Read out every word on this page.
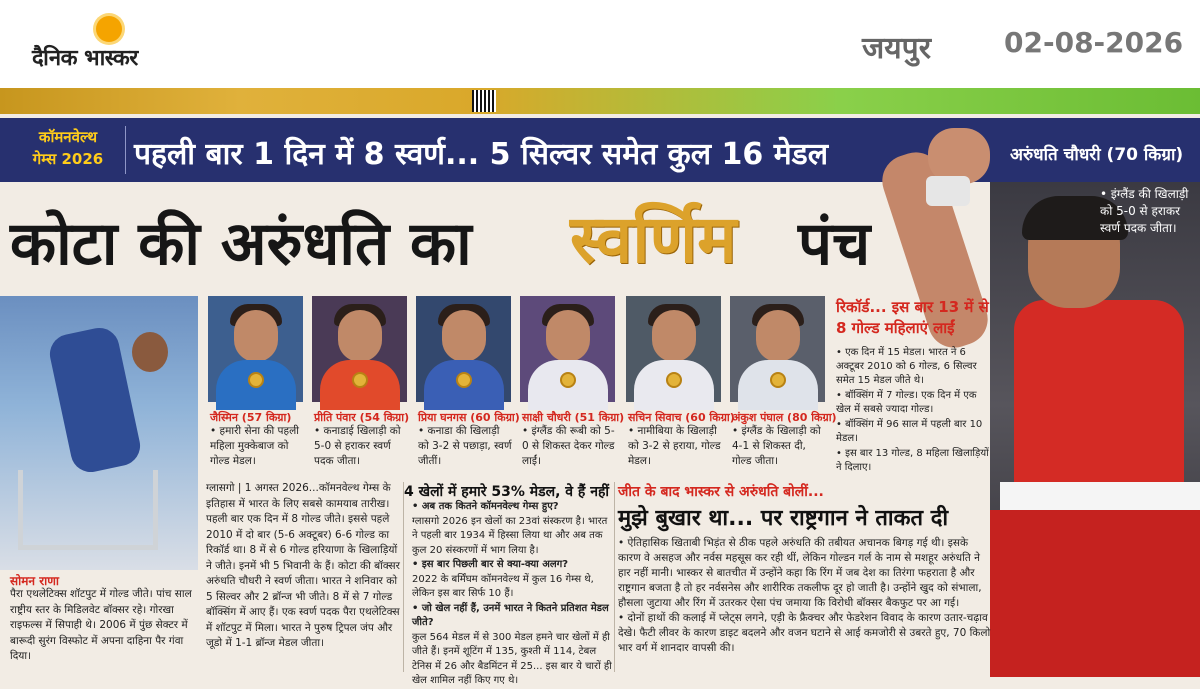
दैनिक भास्कर	जयपुर	02-08-2026
कॉमनवेल्थ
गेम्स 2026	पहली बार 1 दिन में 8 स्वर्ण... 5 सिल्वर समेत कुल 16 मेडल
• इंग्लैंड की खिलाड़ी को 5-0 से हराकर स्वर्ण पदक जीता।
अरुंधति चौधरी (70 किग्रा)
कोटा की अरुंधति का स्वर्णिम पंच
सोमन राणा
पैरा एथलेटिक्स शॉटपुट में गोल्ड जीते। पांच साल राष्ट्रीय स्तर के मिडिलवेट बॉक्सर रहे। गोरखा राइफल्स में सिपाही थे। 2006 में पुंछ सेक्टर में बारूदी सुरंग विस्फोट में अपना दाहिना पैर गंवा दिया।
जैस्मिन (57 किग्रा)
• हमारी सेना की पहली महिला मुक्केबाज को गोल्ड मेडल।
प्रीति पंवार (54 किग्रा)
• कनाडाई खिलाड़ी को 5-0 से हराकर स्वर्ण पदक जीता।
प्रिया घनगस (60 किग्रा)
• कनाडा की खिलाड़ी को 3-2 से पछाड़ा, स्वर्ण जीतीं।
साक्षी चौधरी (51 किग्रा)
• इंग्लैंड की रूबी को 5-0 से शिकस्त देकर गोल्ड लाईं।
सचिन सिवाच (60 किग्रा)
• नामीबिया के खिलाड़ी को 3-2 से हराया, गोल्ड मेडल।
अंकुश पंघाल (80 किग्रा)
• इंग्लैंड के खिलाड़ी को 4-1 से शिकस्त दी, गोल्ड जीता।
रिकॉर्ड... इस बार 13 में से 8 गोल्ड महिलाएं लाईं
• एक दिन में 15 मेडल। भारत ने 6 अक्टूबर 2010 को 6 गोल्ड, 6 सिल्वर समेत 15 मेडल जीते थे।
• बॉक्सिंग में 7 गोल्ड। एक दिन में एक खेल में सबसे ज्यादा गोल्ड।
• बॉक्सिंग में 96 साल में पहली बार 10 मेडल।
• इस बार 13 गोल्ड, 8 महिला खिलाड़ियों ने दिलाए।
ग्लासगो | 1 अगस्त 2026...कॉमनवेल्थ गेम्स के इतिहास में भारत के लिए सबसे कामयाब तारीख। पहली बार एक दिन में 8 गोल्ड जीते। इससे पहले 2010 में दो बार (5-6 अक्टूबर) 6-6 गोल्ड का रिकॉर्ड था। 8 में से 6 गोल्ड हरियाणा के खिलाड़ियों ने जीते। इनमें भी 5 भिवानी के हैं। कोटा की बॉक्सर अरुंधति चौधरी ने स्वर्ण जीता। भारत ने शनिवार को 5 सिल्वर और 2 ब्रॉन्ज भी जीते। 8 में से 7 गोल्ड बॉक्सिंग में आए हैं। एक स्वर्ण पदक पैरा एथलेटिक्स में शॉटपुट में मिला। भारत ने पुरुष ट्रिपल जंप और जूडो में 1-1 ब्रॉन्ज मेडल जीता।
4 खेलों में हमारे 53% मेडल, वे हैं नहीं
• अब तक कितने कॉमनवेल्थ गेम्स हुए?
ग्लासगो 2026 इन खेलों का 23वां संस्करण है। भारत ने पहली बार 1934 में हिस्सा लिया था और अब तक कुल 20 संस्करणों में भाग लिया है।
• इस बार पिछली बार से क्या-क्या अलग?
2022 के बर्मिंघम कॉमनवेल्थ में कुल 16 गेम्स थे, लेकिन इस बार सिर्फ 10 हैं।
• जो खेल नहीं हैं, उनमें भारत ने कितने प्रतिशत मेडल जीते?
कुल 564 मेडल में से 300 मेडल हमने चार खेलों में ही जीते हैं। इनमें शूटिंग में 135, कुश्ती में 114, टेबल टेनिस में 26 और बैडमिंटन में 25... इस बार ये चारों ही खेल शामिल नहीं किए गए थे।
जीत के बाद भास्कर से अरुंधति बोलीं...
मुझे बुखार था... पर राष्ट्रगान ने ताकत दी
• ऐतिहासिक खिताबी भिड़ंत से ठीक पहले अरुंधति की तबीयत अचानक बिगड़ गई थी। इसके कारण वे असहज और नर्वस महसूस कर रही थीं, लेकिन गोल्डन गर्ल के नाम से मशहूर अरुंधति ने हार नहीं मानी। भास्कर से बातचीत में उन्होंने कहा कि रिंग में जब देश का तिरंगा फहराता है और राष्ट्रगान बजता है तो हर नर्वसनेस और शारीरिक तकलीफ दूर हो जाती है। उन्होंने खुद को संभाला, हौसला जुटाया और रिंग में उतरकर ऐसा पंच जमाया कि विरोधी बॉक्सर बैकफुट पर आ गई।
• दोनों हाथों की कलाई में प्लेट्स लगने, एड़ी के फ्रैक्चर और फेडरेशन विवाद के कारण उतार-चढ़ाव देखे। फैटी लीवर के कारण डाइट बदलने और वजन घटाने से आई कमजोरी से उबरते हुए, 70 किलो भार वर्ग में शानदार वापसी की।
